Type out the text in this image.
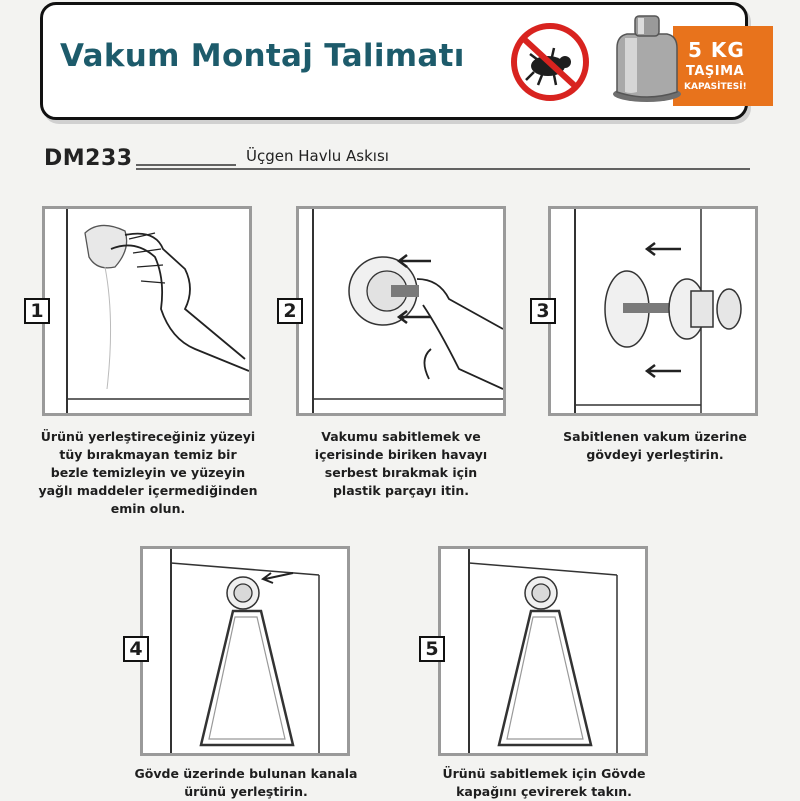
Vakum Montaj Talimatı	5 KG

TAŞIMA

KAPASİTESİ!

DM233	Üçgen Havlu Askısı

1	2	3
4	5
Ürünü yerleştireceğiniz yüzeyi
tüy bırakmayan temiz bir
bezle temizleyin ve yüzeyin
yağlı maddeler içermediğinden
emin olun.
Vakumu sabitlemek ve
içerisinde biriken havayı
serbest bırakmak için
plastik parçayı itin.
Sabitlenen vakum üzerine
gövdeyi yerleştirin.
Gövde üzerinde bulunan kanala
ürünü yerleştirin.
Ürünü sabitlemek için Gövde
kapağını çevirerek takın.
